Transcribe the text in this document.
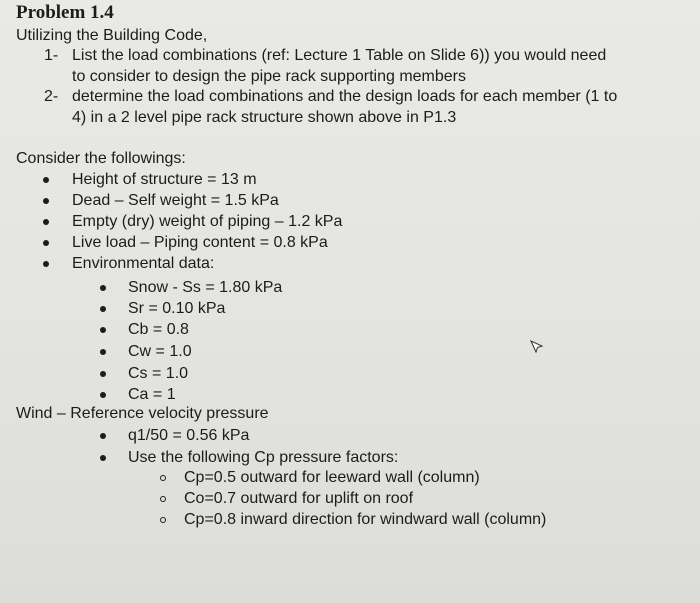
Problem 1.4
Utilizing the Building Code,
1- List the load combinations (ref: Lecture 1 Table on Slide 6)) you would need
to consider to design the pipe rack supporting members
2- determine the load combinations and the design loads for each member (1 to
4) in a 2 level pipe rack structure shown above in P1.3
Consider the followings:
Height of structure = 13 m
Dead – Self weight = 1.5 kPa
Empty (dry) weight of piping – 1.2 kPa
Live load – Piping content = 0.8 kPa
Environmental data:
Snow - Ss = 1.80 kPa
Sr = 0.10 kPa
Cb = 0.8
Cw = 1.0
Cs = 1.0
Ca = 1
Wind – Reference velocity pressure
q1/50 = 0.56 kPa
Use the following Cp pressure factors:
Cp=0.5 outward for leeward wall (column)
Co=0.7 outward for uplift on roof
Cp=0.8 inward direction for windward wall (column)
